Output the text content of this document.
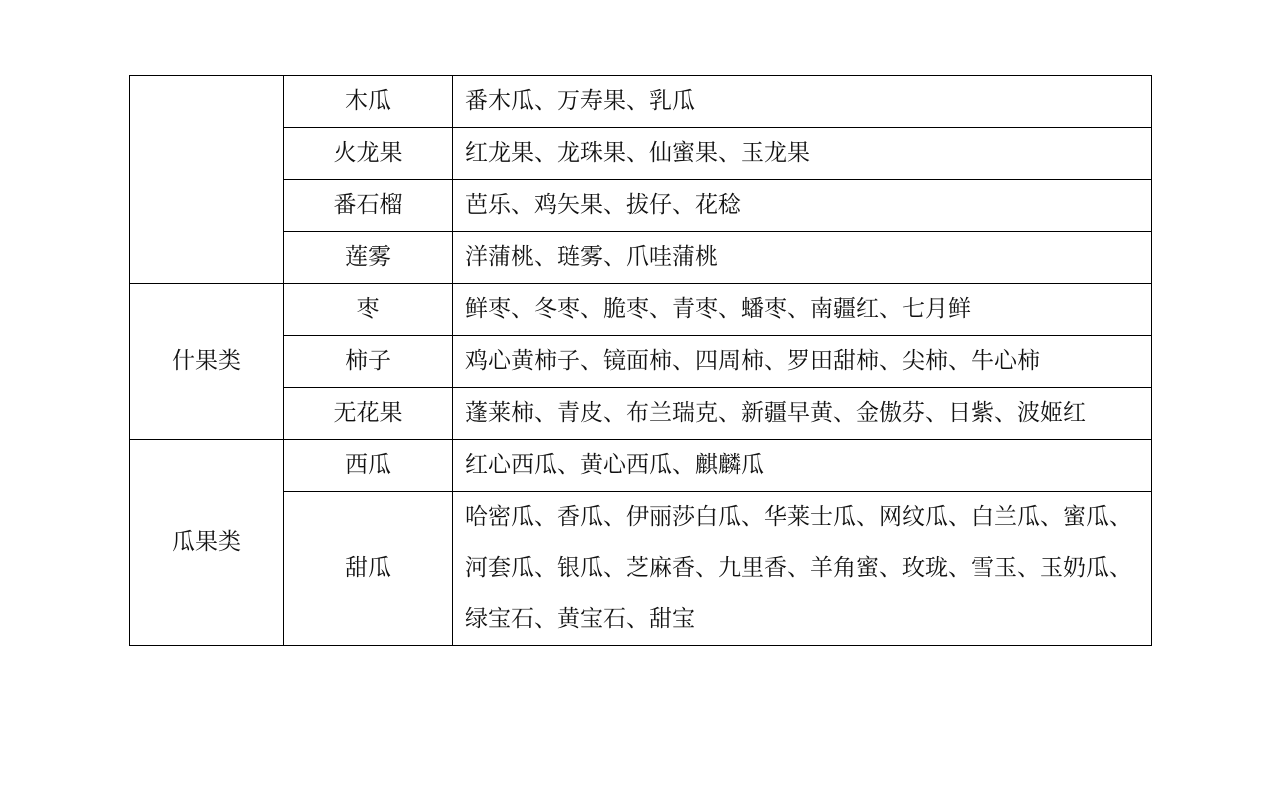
	木瓜	番木瓜、万寿果、乳瓜
	火龙果	红龙果、龙珠果、仙蜜果、玉龙果
	番石榴	芭乐、鸡矢果、拔仔、花稔
	莲雾	洋蒲桃、琏雾、爪哇蒲桃
什果类	枣	鲜枣、冬枣、脆枣、青枣、蟠枣、南疆红、七月鲜
	柿子	鸡心黄柿子、镜面柿、四周柿、罗田甜柿、尖柿、牛心柿
	无花果	蓬莱柿、青皮、布兰瑞克、新疆早黄、金傲芬、日紫、波姬红
瓜果类	西瓜	红心西瓜、黄心西瓜、麒麟瓜
	甜瓜	哈密瓜、香瓜、伊丽莎白瓜、华莱士瓜、网纹瓜、白兰瓜、蜜瓜、河套瓜、银瓜、芝麻香、九里香、羊角蜜、玫珑、雪玉、玉奶瓜、绿宝石、黄宝石、甜宝
